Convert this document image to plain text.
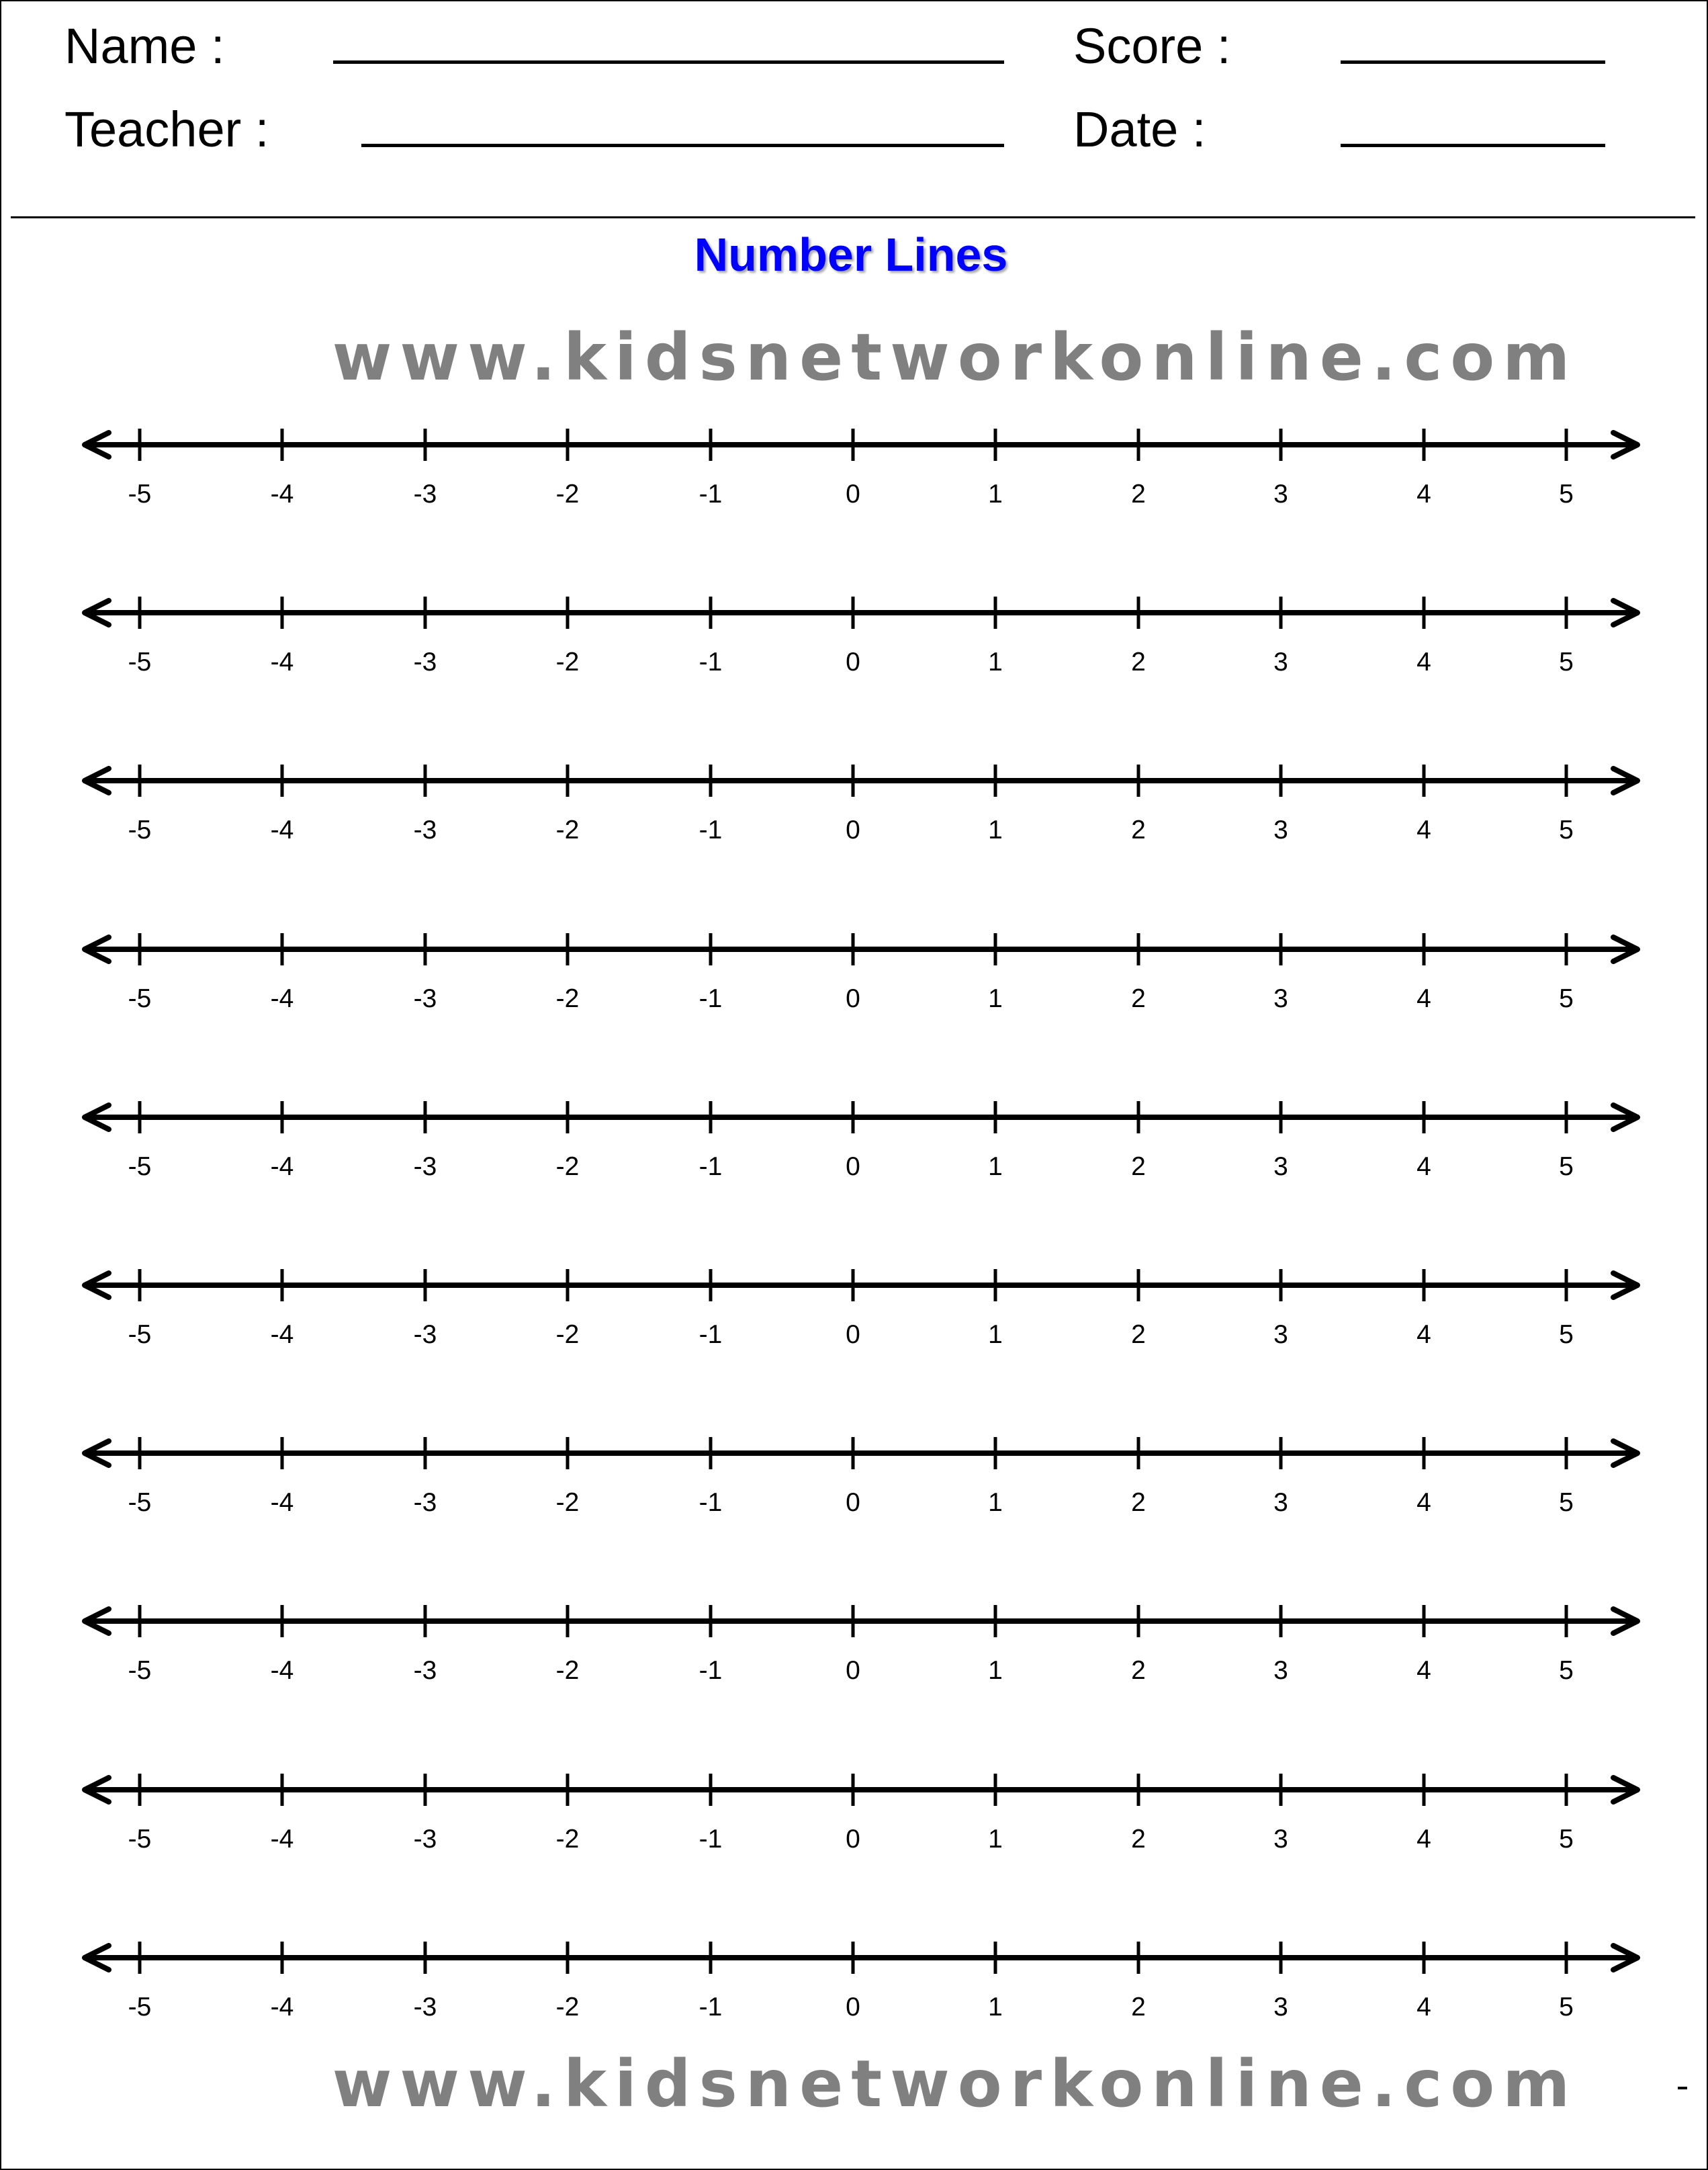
Name :	Score :
Teacher :	Date :
Number Lines
www.kidsnetworkonline.com
-5	-4	-3	-2	-1	0	1	2	3	4	5
-5	-4	-3	-2	-1	0	1	2	3	4	5
-5	-4	-3	-2	-1	0	1	2	3	4	5
-5	-4	-3	-2	-1	0	1	2	3	4	5
-5	-4	-3	-2	-1	0	1	2	3	4	5
-5	-4	-3	-2	-1	0	1	2	3	4	5
-5	-4	-3	-2	-1	0	1	2	3	4	5
-5	-4	-3	-2	-1	0	1	2	3	4	5
-5	-4	-3	-2	-1	0	1	2	3	4	5
-5	-4	-3	-2	-1	0	1	2	3	4	5
www.kidsnetworkonline.com
